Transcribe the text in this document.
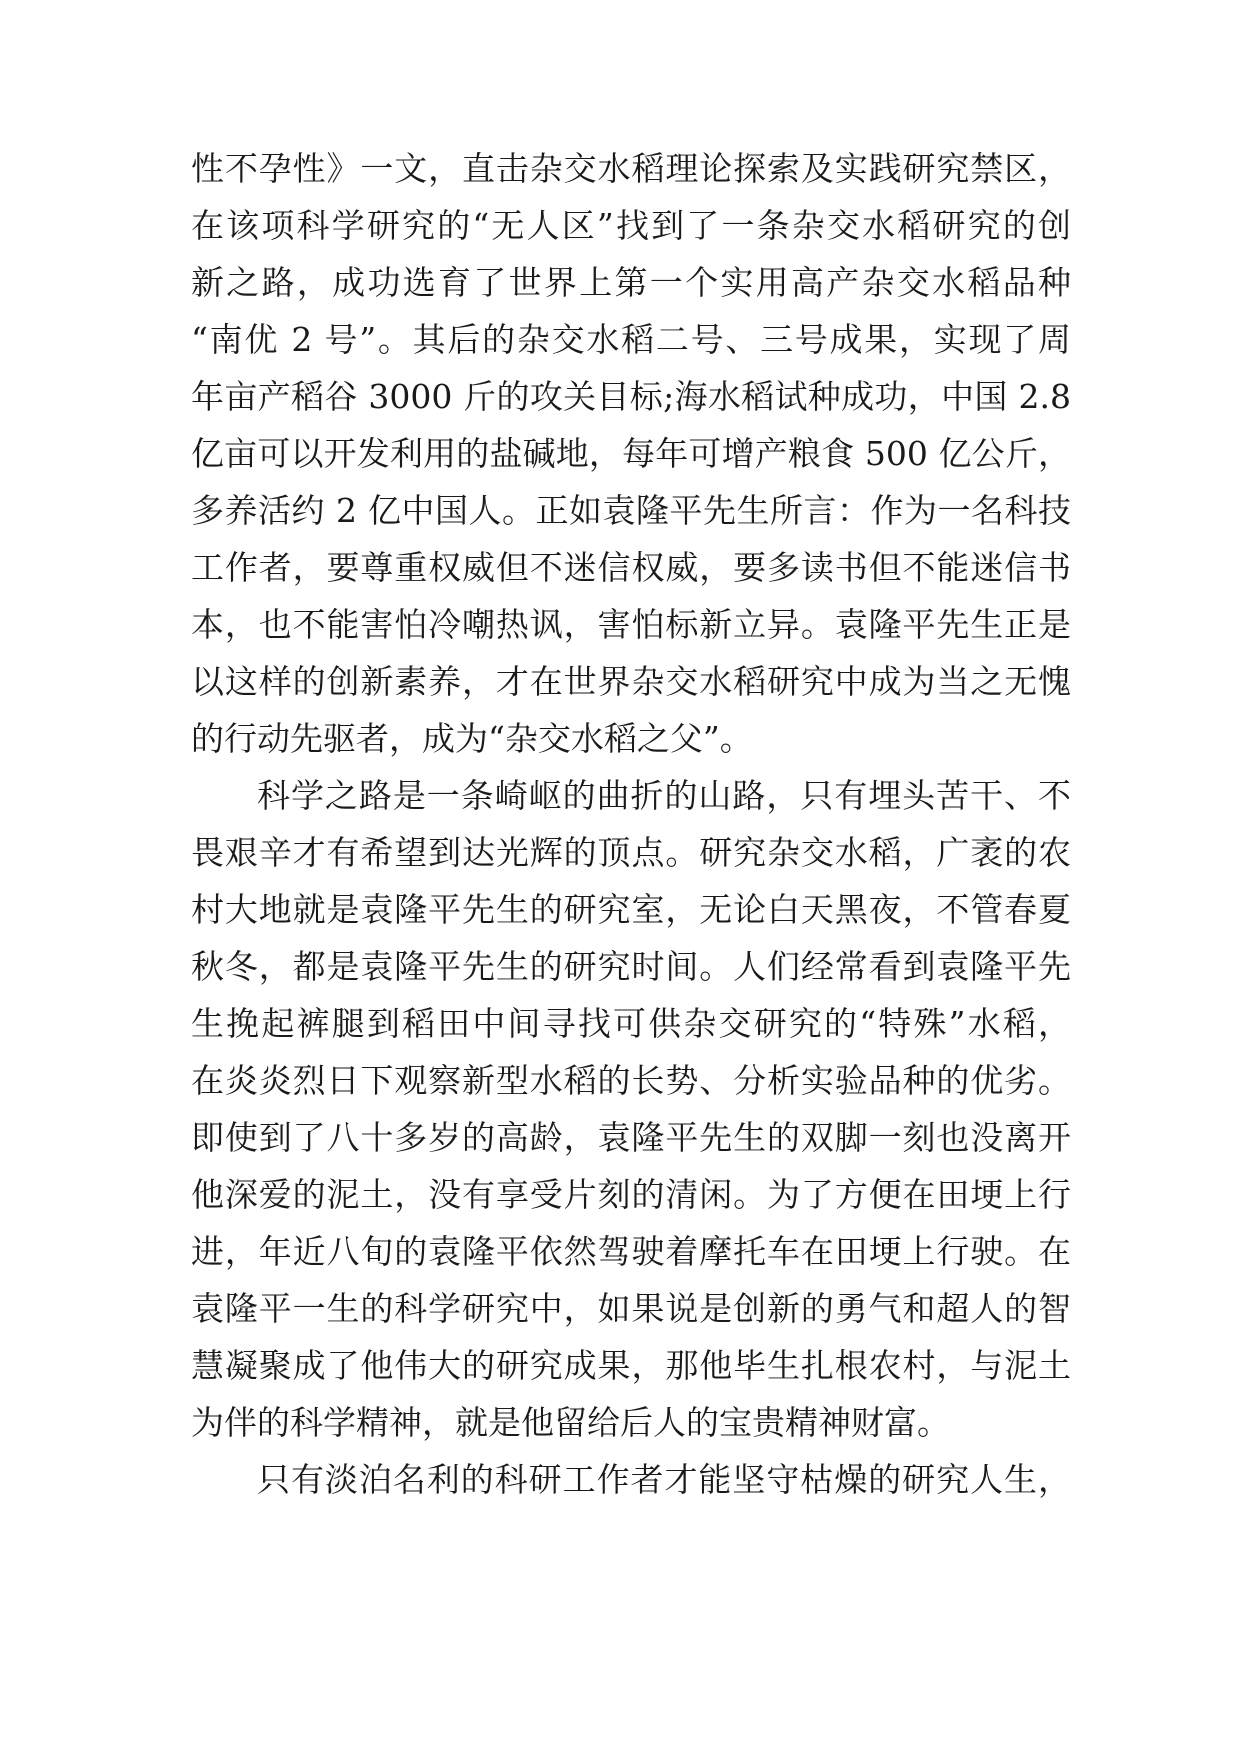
性不孕性》一文，直击杂交水稻理论探索及实践研究禁区，
在该项科学研究的“无人区”找到了一条杂交水稻研究的创
新之路，成功选育了世界上第一个实用高产杂交水稻品种
“南优 2 号”。其后的杂交水稻二号、三号成果，实现了周
年亩产稻谷 3000 斤的攻关目标;海水稻试种成功，中国 2.8
亿亩可以开发利用的盐碱地，每年可增产粮食 500 亿公斤，
多养活约 2 亿中国人。正如袁隆平先生所言：作为一名科技
工作者，要尊重权威但不迷信权威，要多读书但不能迷信书
本，也不能害怕冷嘲热讽，害怕标新立异。袁隆平先生正是
以这样的创新素养，才在世界杂交水稻研究中成为当之无愧
的行动先驱者，成为“杂交水稻之父”。
科学之路是一条崎岖的曲折的山路，只有埋头苦干、不
畏艰辛才有希望到达光辉的顶点。研究杂交水稻，广袤的农
村大地就是袁隆平先生的研究室，无论白天黑夜，不管春夏
秋冬，都是袁隆平先生的研究时间。人们经常看到袁隆平先
生挽起裤腿到稻田中间寻找可供杂交研究的“特殊”水稻，
在炎炎烈日下观察新型水稻的长势、分析实验品种的优劣。
即使到了八十多岁的高龄，袁隆平先生的双脚一刻也没离开
他深爱的泥土，没有享受片刻的清闲。为了方便在田埂上行
进，年近八旬的袁隆平依然驾驶着摩托车在田埂上行驶。在
袁隆平一生的科学研究中，如果说是创新的勇气和超人的智
慧凝聚成了他伟大的研究成果，那他毕生扎根农村，与泥土
为伴的科学精神，就是他留给后人的宝贵精神财富。
只有淡泊名利的科研工作者才能坚守枯燥的研究人生，
